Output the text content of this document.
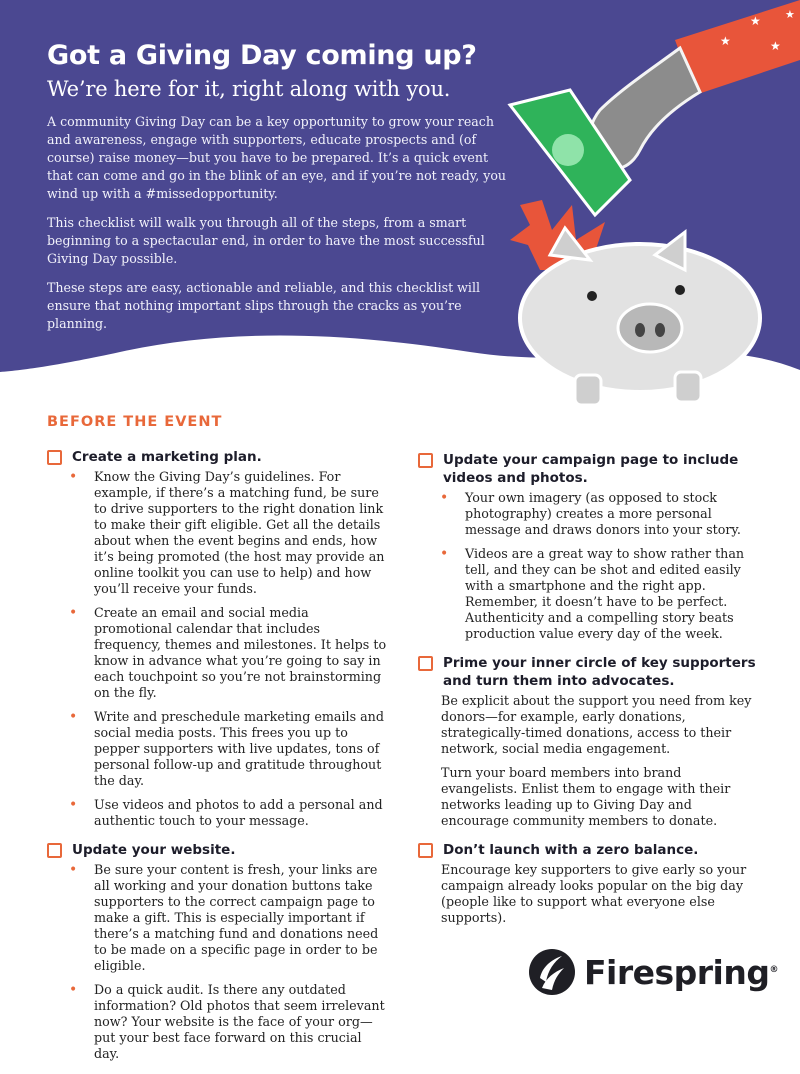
★
★
★
★
Got a Giving Day coming up?
We’re here for it, right along with you.

A community Giving Day can be a key opportunity to grow your reach and awareness, engage with supporters, educate prospects and (of course) raise money—but you have to be prepared. It’s a quick event that can come and go in the blink of an eye, and if you’re not ready, you wind up with a #missedopportunity.

This checklist will walk you through all of the steps, from a smart beginning to a spectacular end, in order to have the most successful Giving Day possible.

These steps are easy, actionable and reliable, and this checklist will ensure that nothing important slips through the cracks as you’re planning.

BEFORE THE EVENT
Create a marketing plan.
• Know the Giving Day’s guidelines. For example, if there’s a matching fund, be sure to drive supporters to the right donation link to make their gift eligible. Get all the details about when the event begins and ends, how it’s being promoted (the host may provide an online toolkit you can use to help) and how you’ll receive your funds.
• Create an email and social media promotional calendar that includes frequency, themes and milestones. It helps to know in advance what you’re going to say in each touchpoint so you’re not brainstorming on the fly.
• Write and preschedule marketing emails and social media posts. This frees you up to pepper supporters with live updates, tons of personal follow-up and gratitude throughout the day.
• Use videos and photos to add a personal and authentic touch to your message.
Update your website.
• Be sure your content is fresh, your links are all working and your donation buttons take supporters to the correct campaign page to make a gift. This is especially important if there’s a matching fund and donations need to be made on a specific page in order to be eligible.
• Do a quick audit. Is there any outdated information? Old photos that seem irrelevant now? Your website is the face of your org—put your best face forward on this crucial day.
Update your campaign page to include videos and photos.
• Your own imagery (as opposed to stock photography) creates a more personal message and draws donors into your story.
• Videos are a great way to show rather than tell, and they can be shot and edited easily with a smartphone and the right app. Remember, it doesn’t have to be perfect. Authenticity and a compelling story beats production value every day of the week.
Prime your inner circle of key supporters and turn them into advocates.

Be explicit about the support you need from key donors—for example, early donations, strategically-timed donations, access to their network, social media engagement.

Turn your board members into brand evangelists. Enlist them to engage with their networks leading up to Giving Day and encourage community members to donate.

Don’t launch with a zero balance.

Encourage key supporters to give early so your campaign already looks popular on the big day (people like to support what everyone else supports).

Firespring®
